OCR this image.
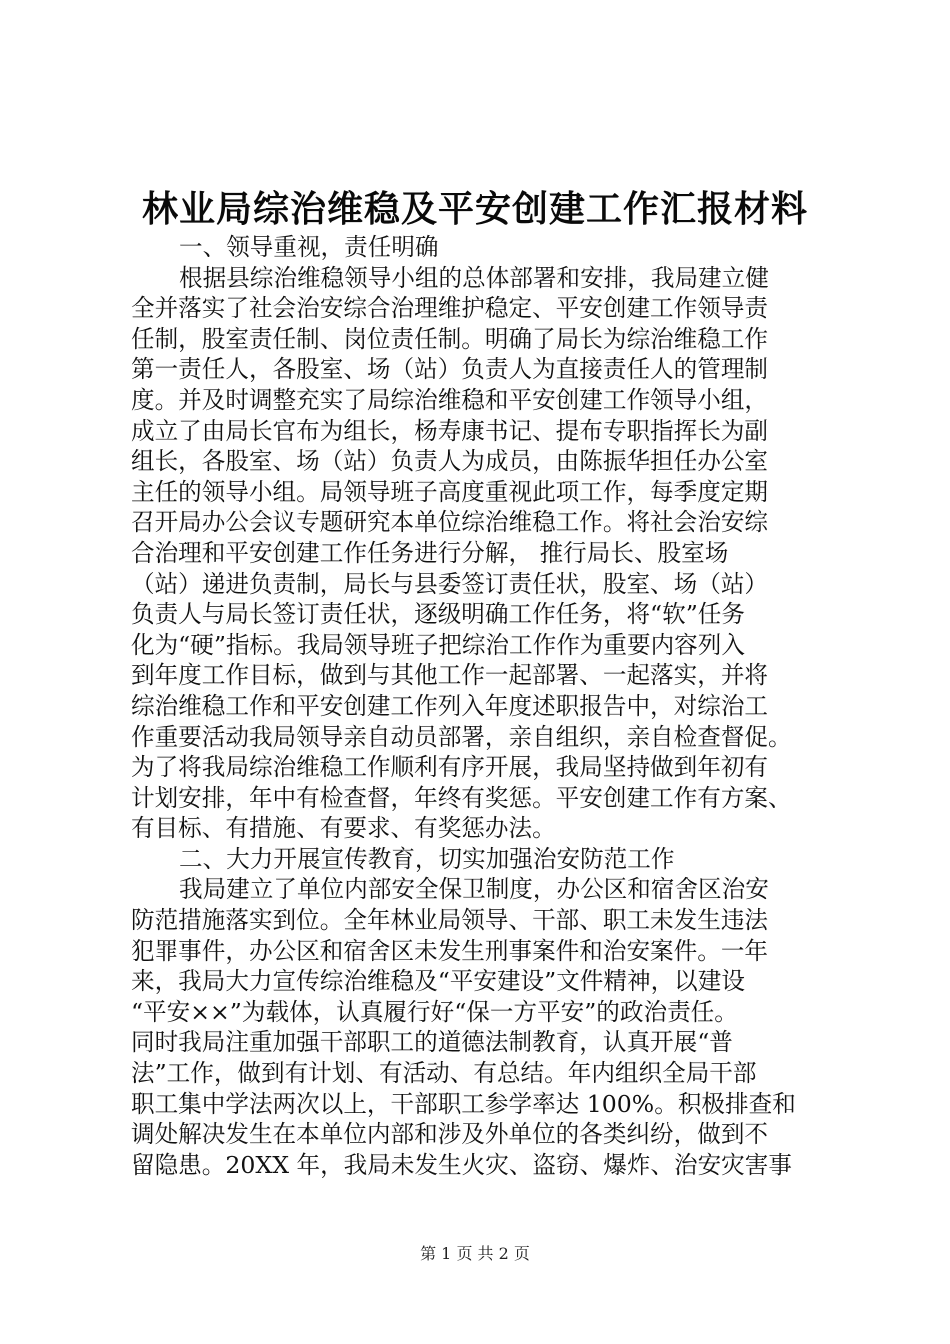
林业局综治维稳及平安创建工作汇报材料
一、领导重视，责任明确
根据县综治维稳领导小组的总体部署和安排，我局建立健
全并落实了社会治安综合治理维护稳定、平安创建工作领导责
任制，股室责任制、岗位责任制。明确了局长为综治维稳工作
第一责任人，各股室、场（站）负责人为直接责任人的管理制
度。并及时调整充实了局综治维稳和平安创建工作领导小组，
成立了由局长官布为组长，杨寿康书记、提布专职指挥长为副
组长，各股室、场（站）负责人为成员，由陈振华担任办公室
主任的领导小组。局领导班子高度重视此项工作，每季度定期
召开局办公会议专题研究本单位综治维稳工作。将社会治安综
合治理和平安创建工作任务进行分解， 推行局长、股室场
（站）递进负责制，局长与县委签订责任状，股室、场（站）
负责人与局长签订责任状，逐级明确工作任务，将“软”任务
化为“硬”指标。我局领导班子把综治工作作为重要内容列入
到年度工作目标，做到与其他工作一起部署、一起落实，并将
综治维稳工作和平安创建工作列入年度述职报告中，对综治工
作重要活动我局领导亲自动员部署，亲自组织，亲自检查督促。
为了将我局综治维稳工作顺利有序开展，我局坚持做到年初有
计划安排，年中有检查督，年终有奖惩。平安创建工作有方案、
有目标、有措施、有要求、有奖惩办法。
二、大力开展宣传教育，切实加强治安防范工作
我局建立了单位内部安全保卫制度，办公区和宿舍区治安
防范措施落实到位。全年林业局领导、干部、职工未发生违法
犯罪事件，办公区和宿舍区未发生刑事案件和治安案件。一年
来，我局大力宣传综治维稳及“平安建设”文件精神，以建设
“平安××”为载体，认真履行好“保一方平安”的政治责任。
同时我局注重加强干部职工的道德法制教育，认真开展“普
法”工作，做到有计划、有活动、有总结。年内组织全局干部
职工集中学法两次以上，干部职工参学率达 100%。积极排查和
调处解决发生在本单位内部和涉及外单位的各类纠纷，做到不
留隐患。20XX 年，我局未发生火灾、盗窃、爆炸、治安灾害事
第 1 页 共 2 页
